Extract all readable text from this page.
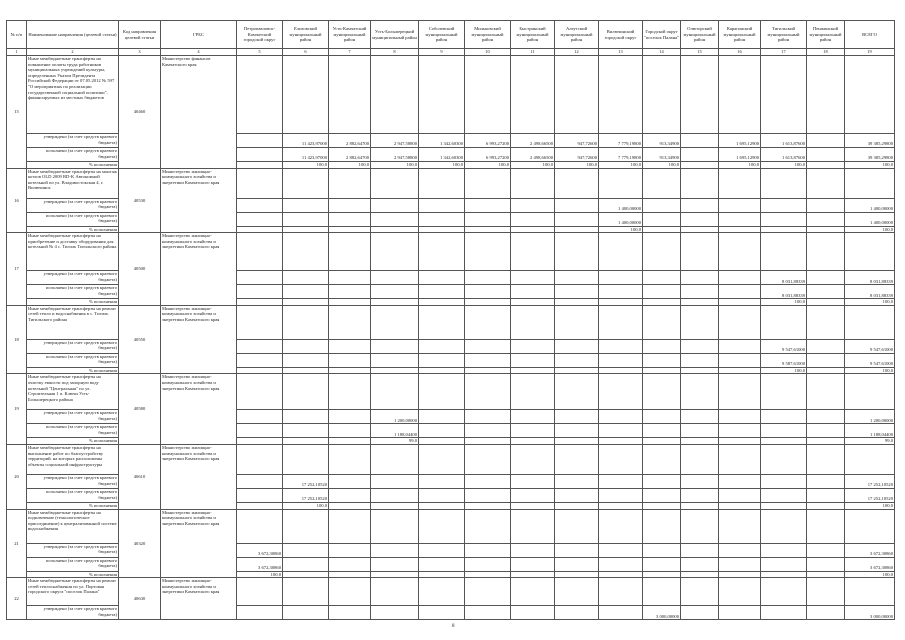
№ п/п	Наименование направления (целевой статьи)	Код направления целевой статьи	ГРБС	Петропавловск-Камчатский городской округ	Елизовский муниципальный район	Усть-Камчатский муниципальный район	Усть-Большерецкий муниципальный район	Соболевский муниципальный район	Мильковский муниципальный район	Быстринский муниципальный район	Алеутский муниципальный район	Вилючинский городской округ	Городской округ "поселок Палана"	Олюторский муниципальный район	Карагинский муниципальный район	Тигильский муниципальный район	Пенжинский муниципальный район	ВСЕГО
1	2	3	4	5	6	7	8	9	10	11	12	13	14	15	16	17	18	19
15	Иные межбюджетные трансферты на повышение оплаты труда работников муниципальных учреждений культуры, определенных Указом Президента Российской Федерации от 07.05.2012 № 597 "О мероприятиях по реализации государственной социальной политики", финансируемых из местных бюджетов	40460	Министерство финансов Камчатского края															
	утверждено (за счет средств краевого бюджета)				11 423,97000	2 882,64700	2 947,58800	1 342,60300	6 993,27200	2 498,66500	947,72600	7 779,19800	913,34900		1 695,12900	1 613,87600		39 385,29800
	исполнено (за счет средств краевого бюджета)				11 423,97000	2 882,64700	2 947,58800	1 342,60300	6 993,27200	2 498,66500	947,72600	7 779,19800	913,34900		1 695,12900	1 613,87600		39 385,29800
	% исполнения				100,0	100,0	100,0	100,0	100,0	100,0	100,0	100,0	100,0		100,0	100,0		100,0
16	Иные межбюджетные трансферты на монтаж котлов OLD 2009 RD-K Автономной котельной по ул. Владивостокская 4, г. Вилючинск	40530	Министерство жилищно-коммунального хозяйства и энергетики Камчатского края															
	утверждено (за счет средств краевого бюджета)											1 400,00000						1 400,00000
	исполнено (за счет средств краевого бюджета)											1 400,00000						1 400,00000
	% исполнения											100,0						100,0
17	Иные межбюджетные трансферты на приобретение и доставку оборудования для котельной № 4 с. Тигиль Тигильского района	40500	Министерство жилищно-коммунального хозяйства и энергетики Камчатского края															
	утверждено (за счет средств краевого бюджета)															8 031,88339		8 031,88339
	исполнено (за счет средств краевого бюджета)															8 031,88339		8 031,88339
	% исполнения															100,0		100,0
18	Иные межбюджетные трансферты на ремонт сетей тепло и водоснабжения в с. Тигиль Тигильского района	40550	Министерство жилищно-коммунального хозяйства и энергетики Камчатского края															
	утверждено (за счет средств краевого бюджета)															9 547,61000		9 547,61000
	исполнено (за счет средств краевого бюджета)															9 587,61000		9 547,61000
	% исполнения															100,0		100,0
19	Иные межбюджетные трансферты на очистку емкости под запорную воду котельной "Центральная" по ул. Строительная 1 п. Ключи Усть-Большерецкого района	40580	Министерство жилищно-коммунального хозяйства и энергетики Камчатского края															
	утверждено (за счет средств краевого бюджета)						1 200,00000											1 200,00000
	исполнено (за счет средств краевого бюджета)						1 188,04400											1 188,04400
	% исполнения						99,0											99,0
20	Иные межбюджетные трансферты на выполнение работ по благоустройству территорий, на которых расположены объекты социальной инфраструктуры	40610	Министерство жилищно-коммунального хозяйства и энергетики Камчатского края															
	утверждено (за счет средств краевого бюджета)				17 252,10520													17 252,10520
	исполнено (за счет средств краевого бюджета)				17 252,10520													17 252,10520
	% исполнения				100,0													100,0
21	Иные межбюджетные трансферты на подключение (технологическое присоединение) к централизованной системе водоснабжения	40320	Министерство жилищно-коммунального хозяйства и энергетики Камчатского края															
	утверждено (за счет средств краевого бюджета)			3 672,30860														3 672,30860
	исполнено (за счет средств краевого бюджета)			3 672,30860														3 672,30860
	% исполнения			100,0														100,0
22	Иные межбюджетные трансферты на ремонт сетей теплоснабжения по ул. Портовая городского округа "поселок Палана"	40630	Министерство жилищно-коммунального хозяйства и энергетики Камчатского края															
	утверждено (за счет средств краевого бюджета)												3 000,00000					3 000,00000
8
